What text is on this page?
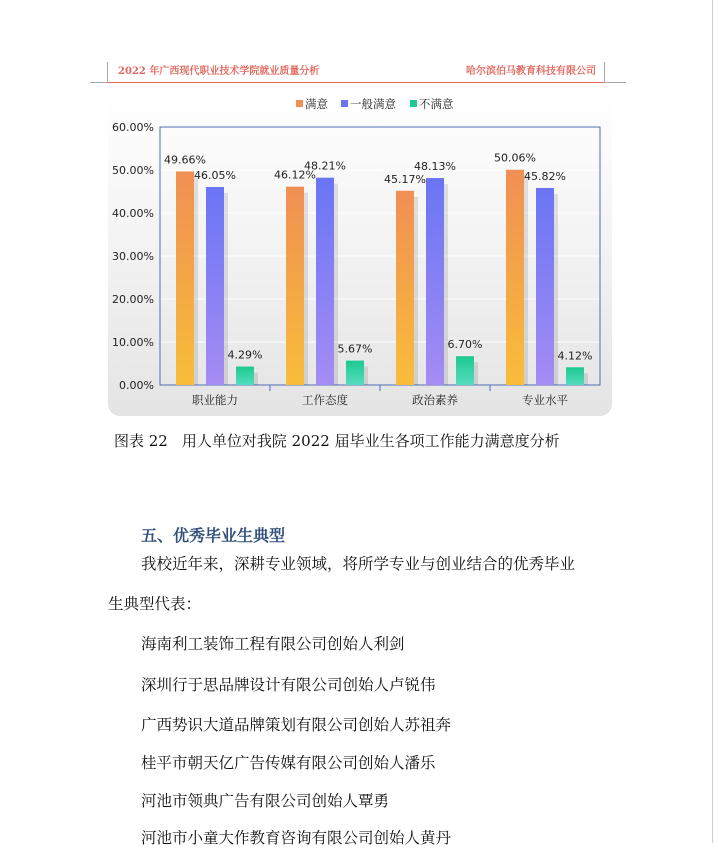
2022 年广西现代职业技术学院就业质量分析	哈尔滨伯马教育科技有限公司
0.00%
10.00%
20.00%
30.00%
40.00%
50.00%
60.00%
49.66%
46.05%
4.29%
职业能力
46.12%
48.21%
5.67%
工作态度
45.17%
48.13%
6.70%
政治素养
50.06%
45.82%
4.12%
专业水平
满意 一般满意 不满意
图表 22 用人单位对我院 2022 届毕业生各项工作能力满意度分析
五、优秀毕业生典型
我校近年来，深耕专业领域，将所学专业与创业结合的优秀毕业
生典型代表：
海南利工装饰工程有限公司创始人利剑
深圳行于思品牌设计有限公司创始人卢锐伟
广西势识大道品牌策划有限公司创始人苏祖奔
桂平市朝天亿广告传媒有限公司创始人潘乐
河池市领典广告有限公司创始人覃勇
河池市小童大作教育咨询有限公司创始人黄丹
